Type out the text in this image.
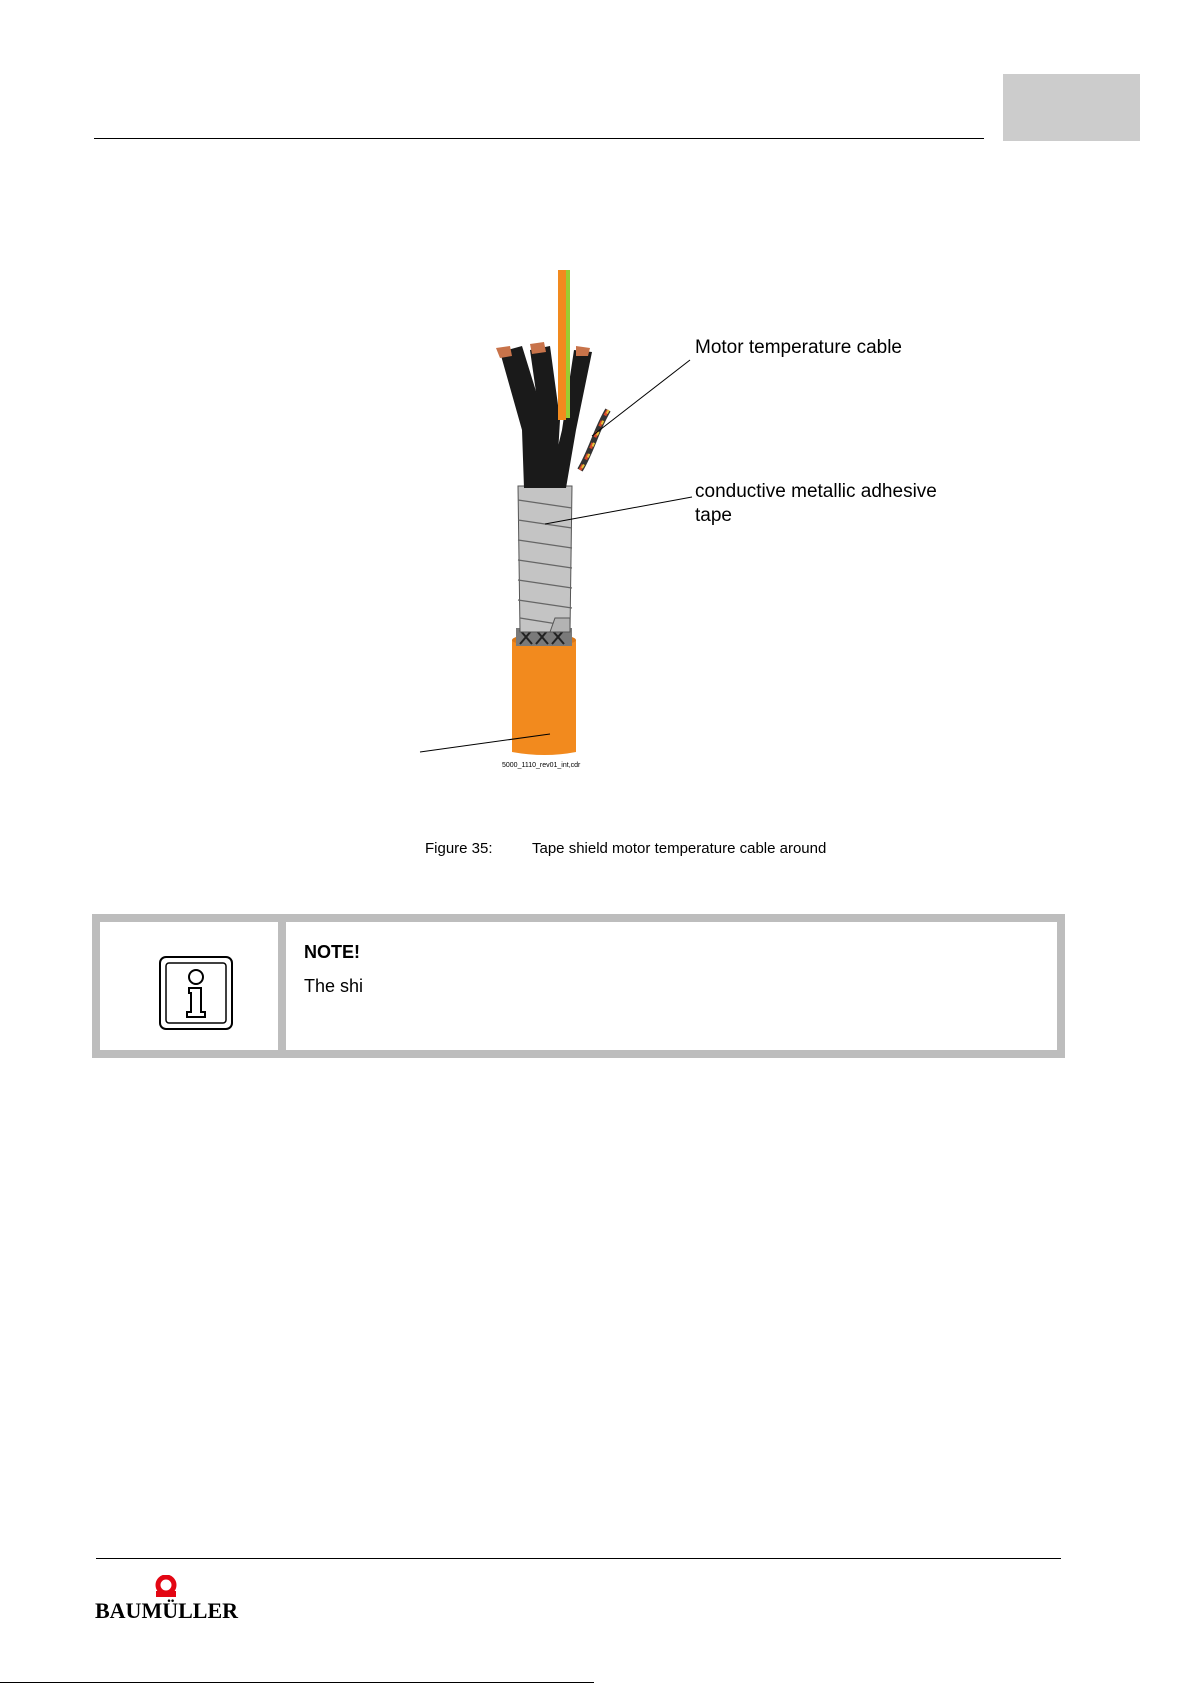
Motor temperature cable
conductive metallic adhesive
tape
5000_1110_rev01_int,cdr
Figure 35:	Tape shield motor temperature cable around
NOTE!
The shi
BAUMÜLLER
